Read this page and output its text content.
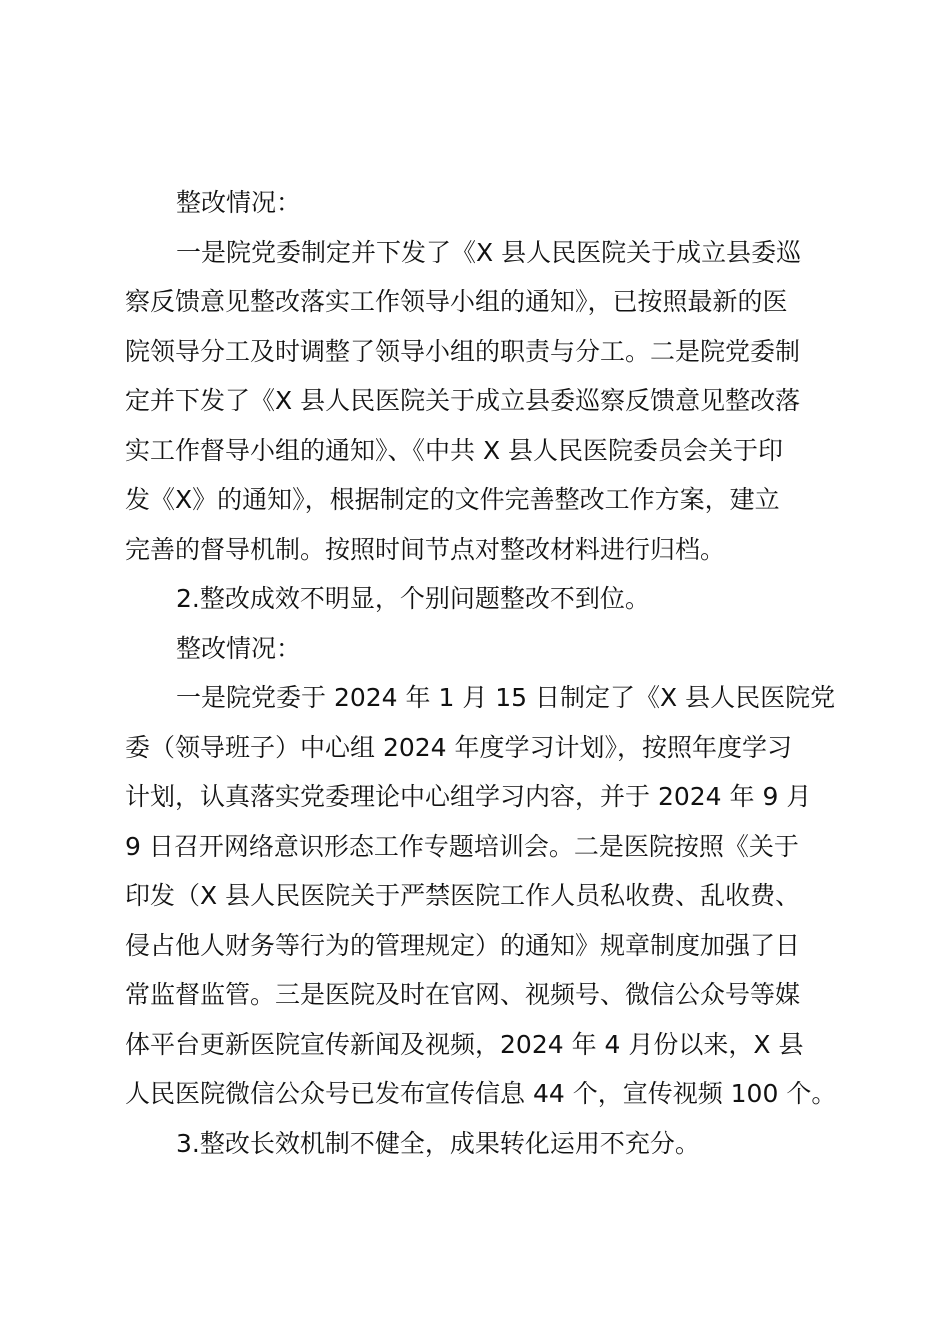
整改情况：
一是院党委制定并下发了《X 县人民医院关于成立县委巡
察反馈意见整改落实工作领导小组的通知》，已按照最新的医
院领导分工及时调整了领导小组的职责与分工。二是院党委制
定并下发了《X 县人民医院关于成立县委巡察反馈意见整改落
实工作督导小组的通知》、《中共 X 县人民医院委员会关于印
发《X》的通知》，根据制定的文件完善整改工作方案，建立
完善的督导机制。按照时间节点对整改材料进行归档。
2.整改成效不明显，个别问题整改不到位。
整改情况：
一是院党委于 2024 年 1 月 15 日制定了《X 县人民医院党
委（领导班子）中心组 2024 年度学习计划》，按照年度学习
计划，认真落实党委理论中心组学习内容，并于 2024 年 9 月
9 日召开网络意识形态工作专题培训会。二是医院按照《关于
印发（X 县人民医院关于严禁医院工作人员私收费、乱收费、
侵占他人财务等行为的管理规定）的通知》规章制度加强了日
常监督监管。三是医院及时在官网、视频号、微信公众号等媒
体平台更新医院宣传新闻及视频，2024 年 4 月份以来，X 县
人民医院微信公众号已发布宣传信息 44 个，宣传视频 100 个。
3.整改长效机制不健全，成果转化运用不充分。
